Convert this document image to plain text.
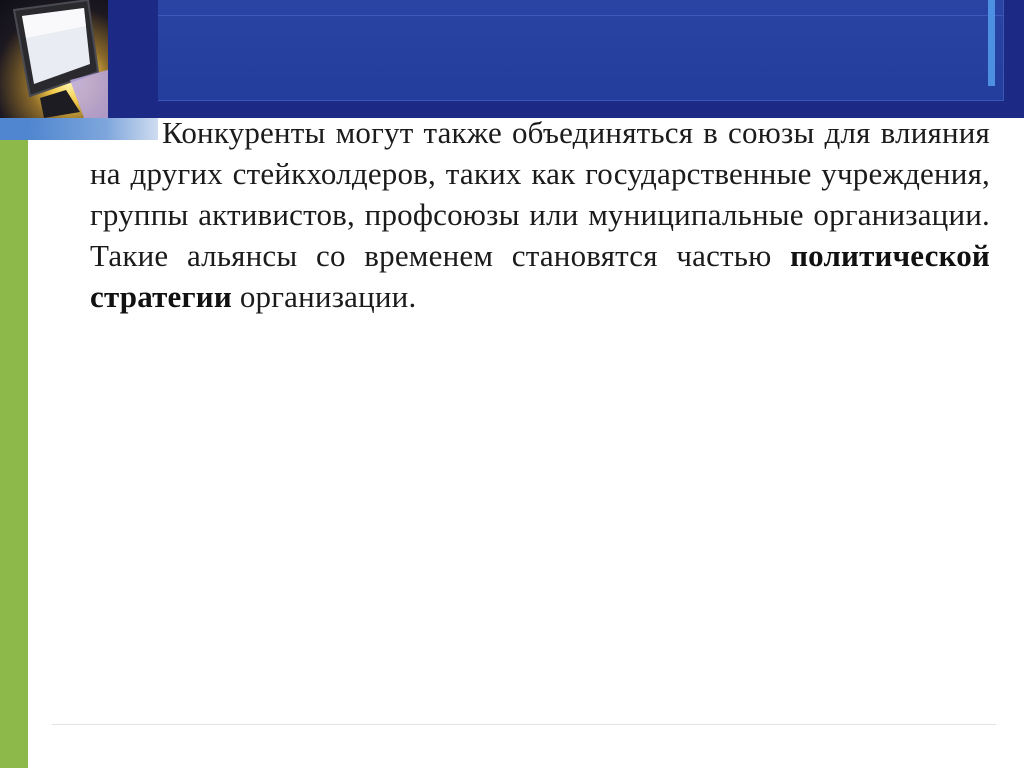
Конкуренты могут также объединяться в союзы для влияния на других стейкхолдеров, таких как государственные учреждения, группы активистов, профсоюзы или муниципальные организации. Такие альянсы со временем становятся частью политической стратегии организации.
